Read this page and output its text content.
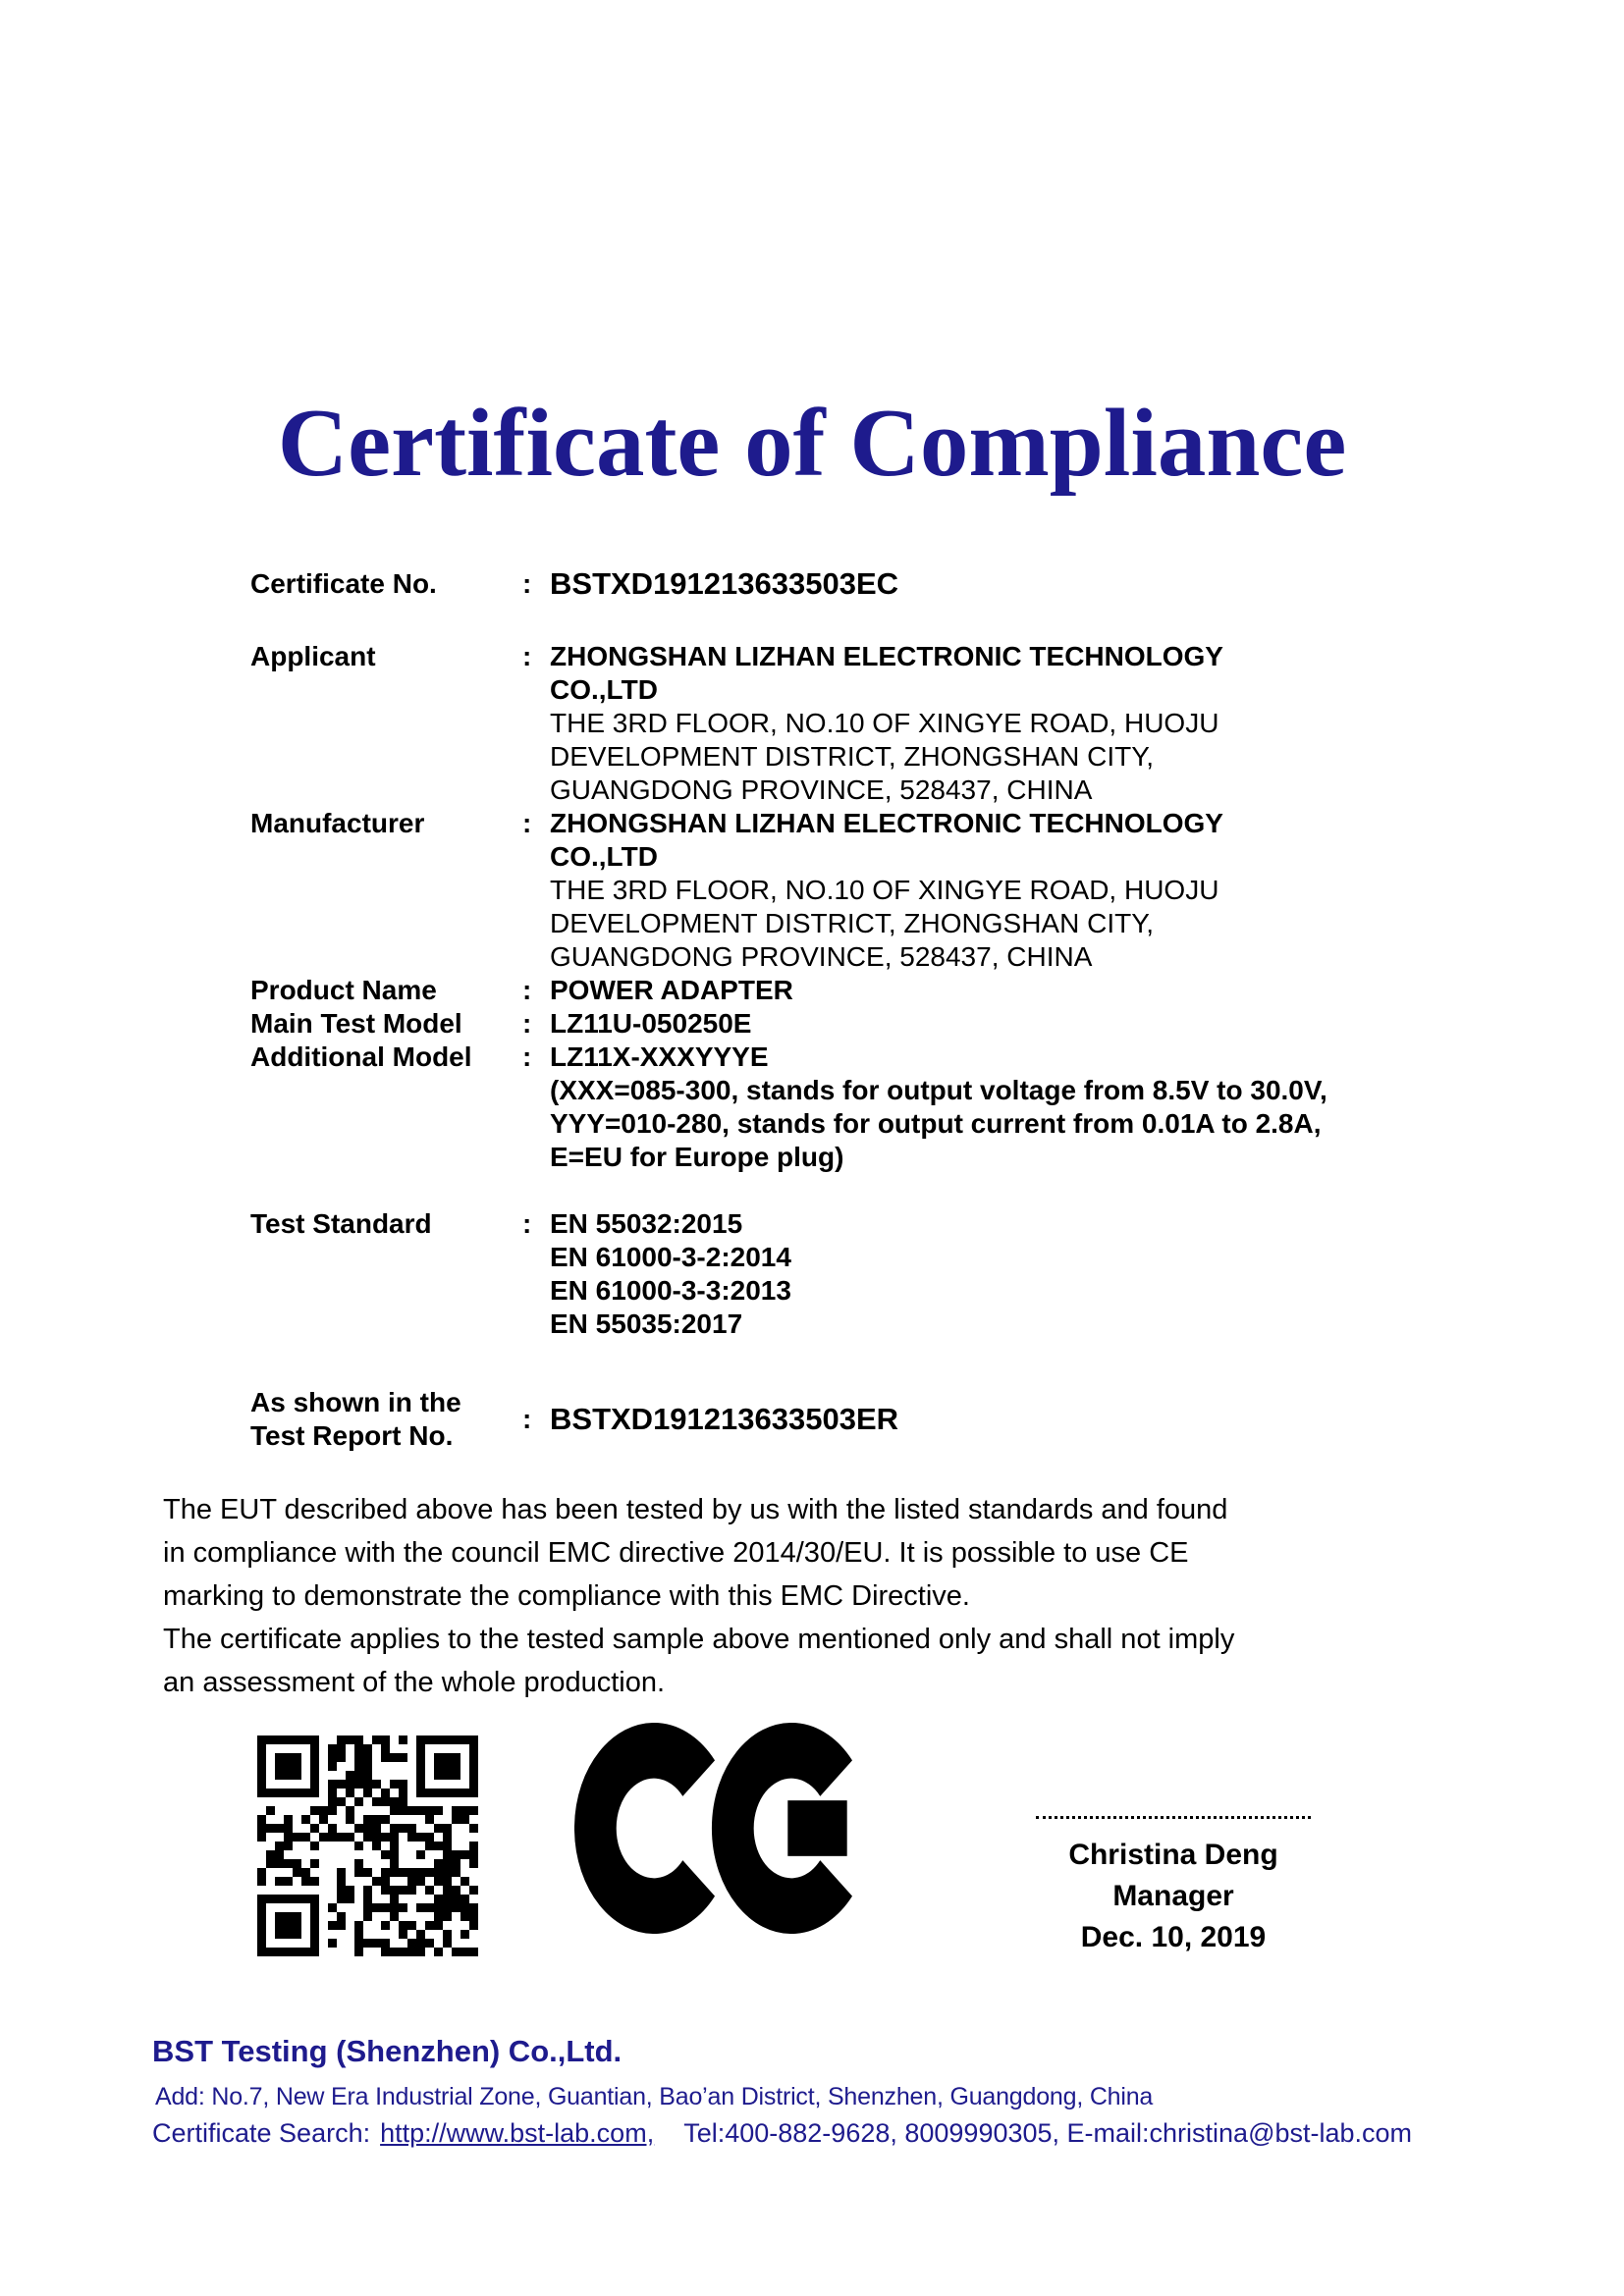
Certificate of Compliance
Certificate No.	: BSTXD191213633503EC
Applicant	: ZHONGSHAN LIZHAN ELECTRONIC TECHNOLOGY
CO.,LTD
THE 3RD FLOOR, NO.10 OF XINGYE ROAD, HUOJU
DEVELOPMENT DISTRICT, ZHONGSHAN CITY,
GUANGDONG PROVINCE, 528437, CHINA
Manufacturer	: ZHONGSHAN LIZHAN ELECTRONIC TECHNOLOGY
CO.,LTD
THE 3RD FLOOR, NO.10 OF XINGYE ROAD, HUOJU
DEVELOPMENT DISTRICT, ZHONGSHAN CITY,
GUANGDONG PROVINCE, 528437, CHINA
Product Name	: POWER ADAPTER
Main Test Model	: LZ11U-050250E
Additional Model	: LZ11X-XXXYYYE
(XXX=085-300, stands for output voltage from 8.5V to 30.0V,
YYY=010-280, stands for output current from 0.01A to 2.8A,
E=EU for Europe plug)
Test Standard	: EN 55032:2015
EN 61000-3-2:2014
EN 61000-3-3:2013
EN 55035:2017
As shown in the
Test Report No.
: BSTXD191213633503ER
The EUT described above has been tested by us with the listed standards and found
in compliance with the council EMC directive 2014/30/EU. It is possible to use CE
marking to demonstrate the compliance with this EMC Directive.
The certificate applies to the tested sample above mentioned only and shall not imply
an assessment of the whole production.
Christina Deng
Manager
Dec. 10, 2019
BST Testing (Shenzhen) Co.,Ltd.
Add: No.7, New Era Industrial Zone, Guantian, Bao’an District, Shenzhen, Guangdong, China
Certificate Search: http://www.bst-lab.com, Tel:400-882-9628, 8009990305, E-mail:christina@bst-lab.com
